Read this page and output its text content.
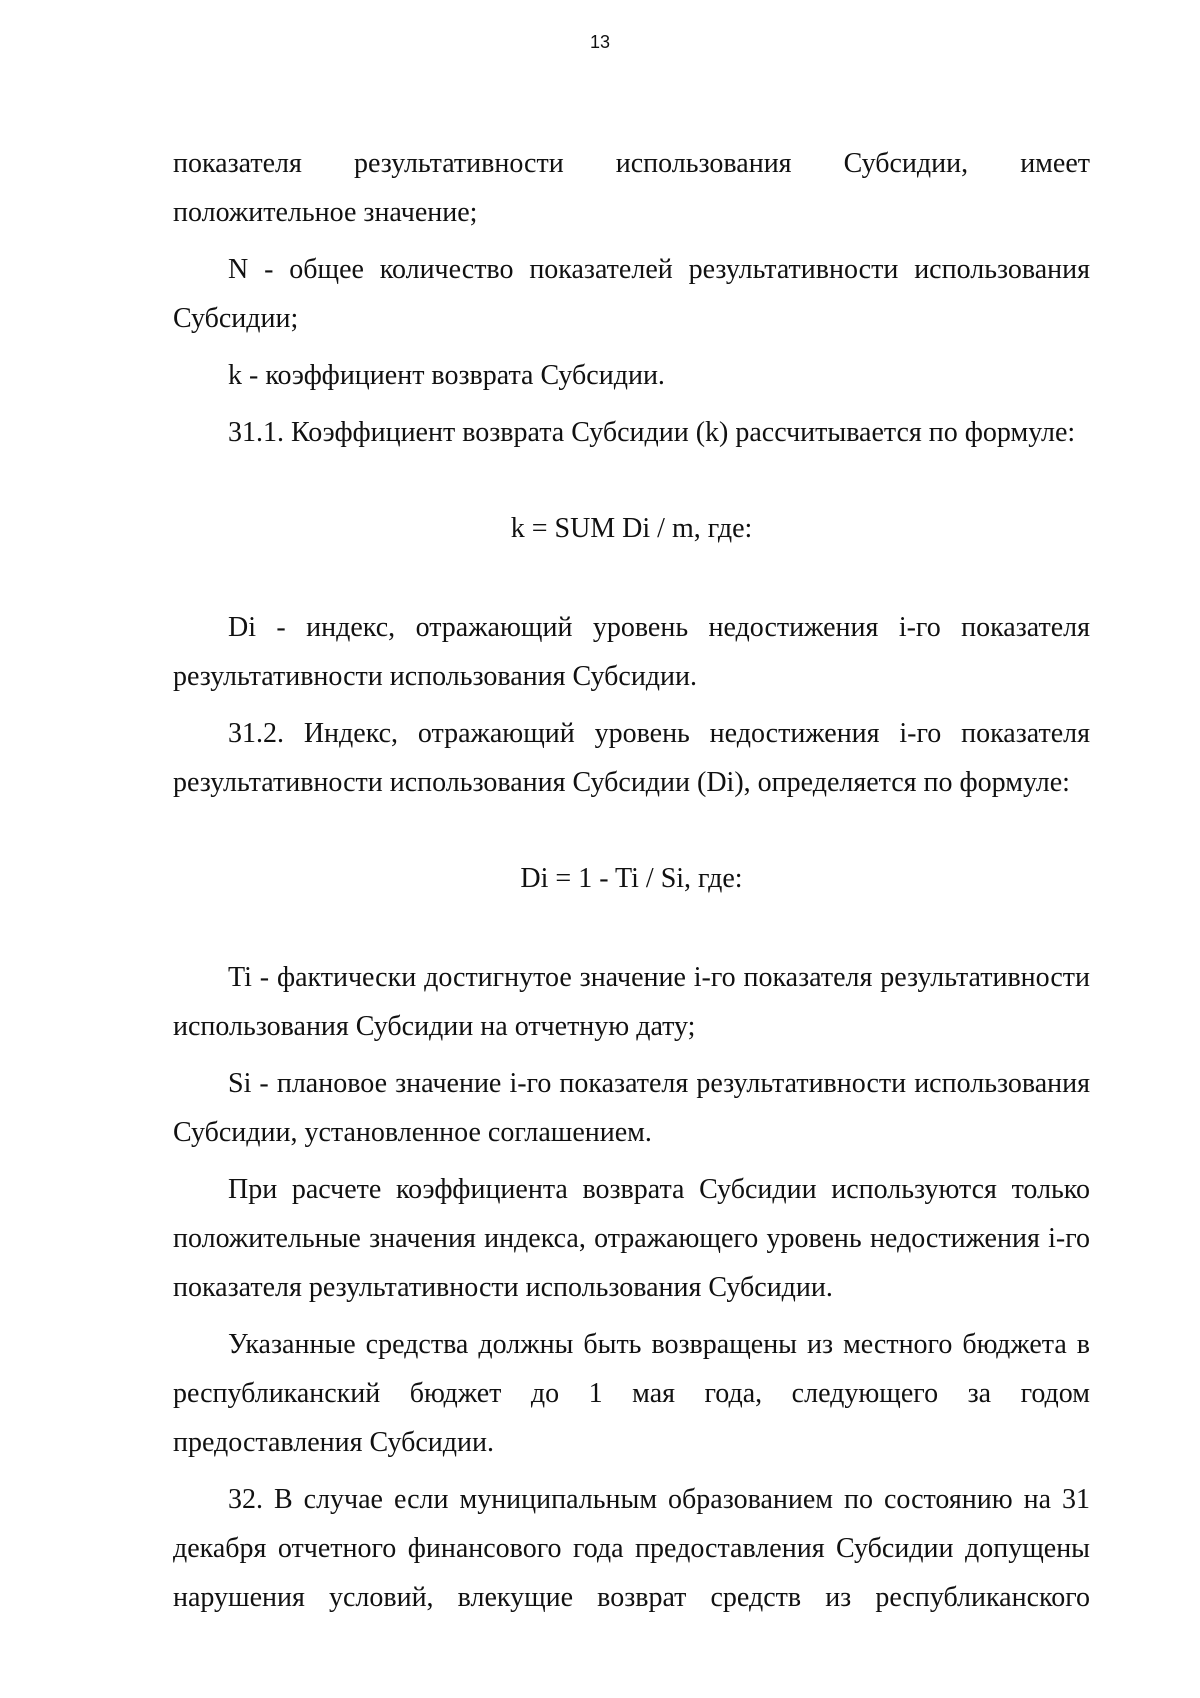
13

показателя результативности использования Субсидии, имеет положительное значение;

N - общее количество показателей результативности использования Субсидии;

k - коэффициент возврата Субсидии.

31.1. Коэффициент возврата Субсидии (k) рассчитывается по формуле:

k = SUM Di / m, где:

Di - индекс, отражающий уровень недостижения i-го показателя результативности использования Субсидии.

31.2. Индекс, отражающий уровень недостижения i-го показателя результативности использования Субсидии (Di), определяется по формуле:

Di = 1 - Ti / Si, где:

Ti - фактически достигнутое значение i-го показателя результативности использования Субсидии на отчетную дату;

Si - плановое значение i-го показателя результативности использования Субсидии, установленное соглашением.

При расчете коэффициента возврата Субсидии используются только положительные значения индекса, отражающего уровень недостижения i-го показателя результативности использования Субсидии.

Указанные средства должны быть возвращены из местного бюджета в республиканский бюджет до 1 мая года, следующего за годом предоставления Субсидии.

32. В случае если муниципальным образованием по состоянию на 31 декабря отчетного финансового года предоставления Субсидии допущены нарушения условий, влекущие возврат средств из республиканского
